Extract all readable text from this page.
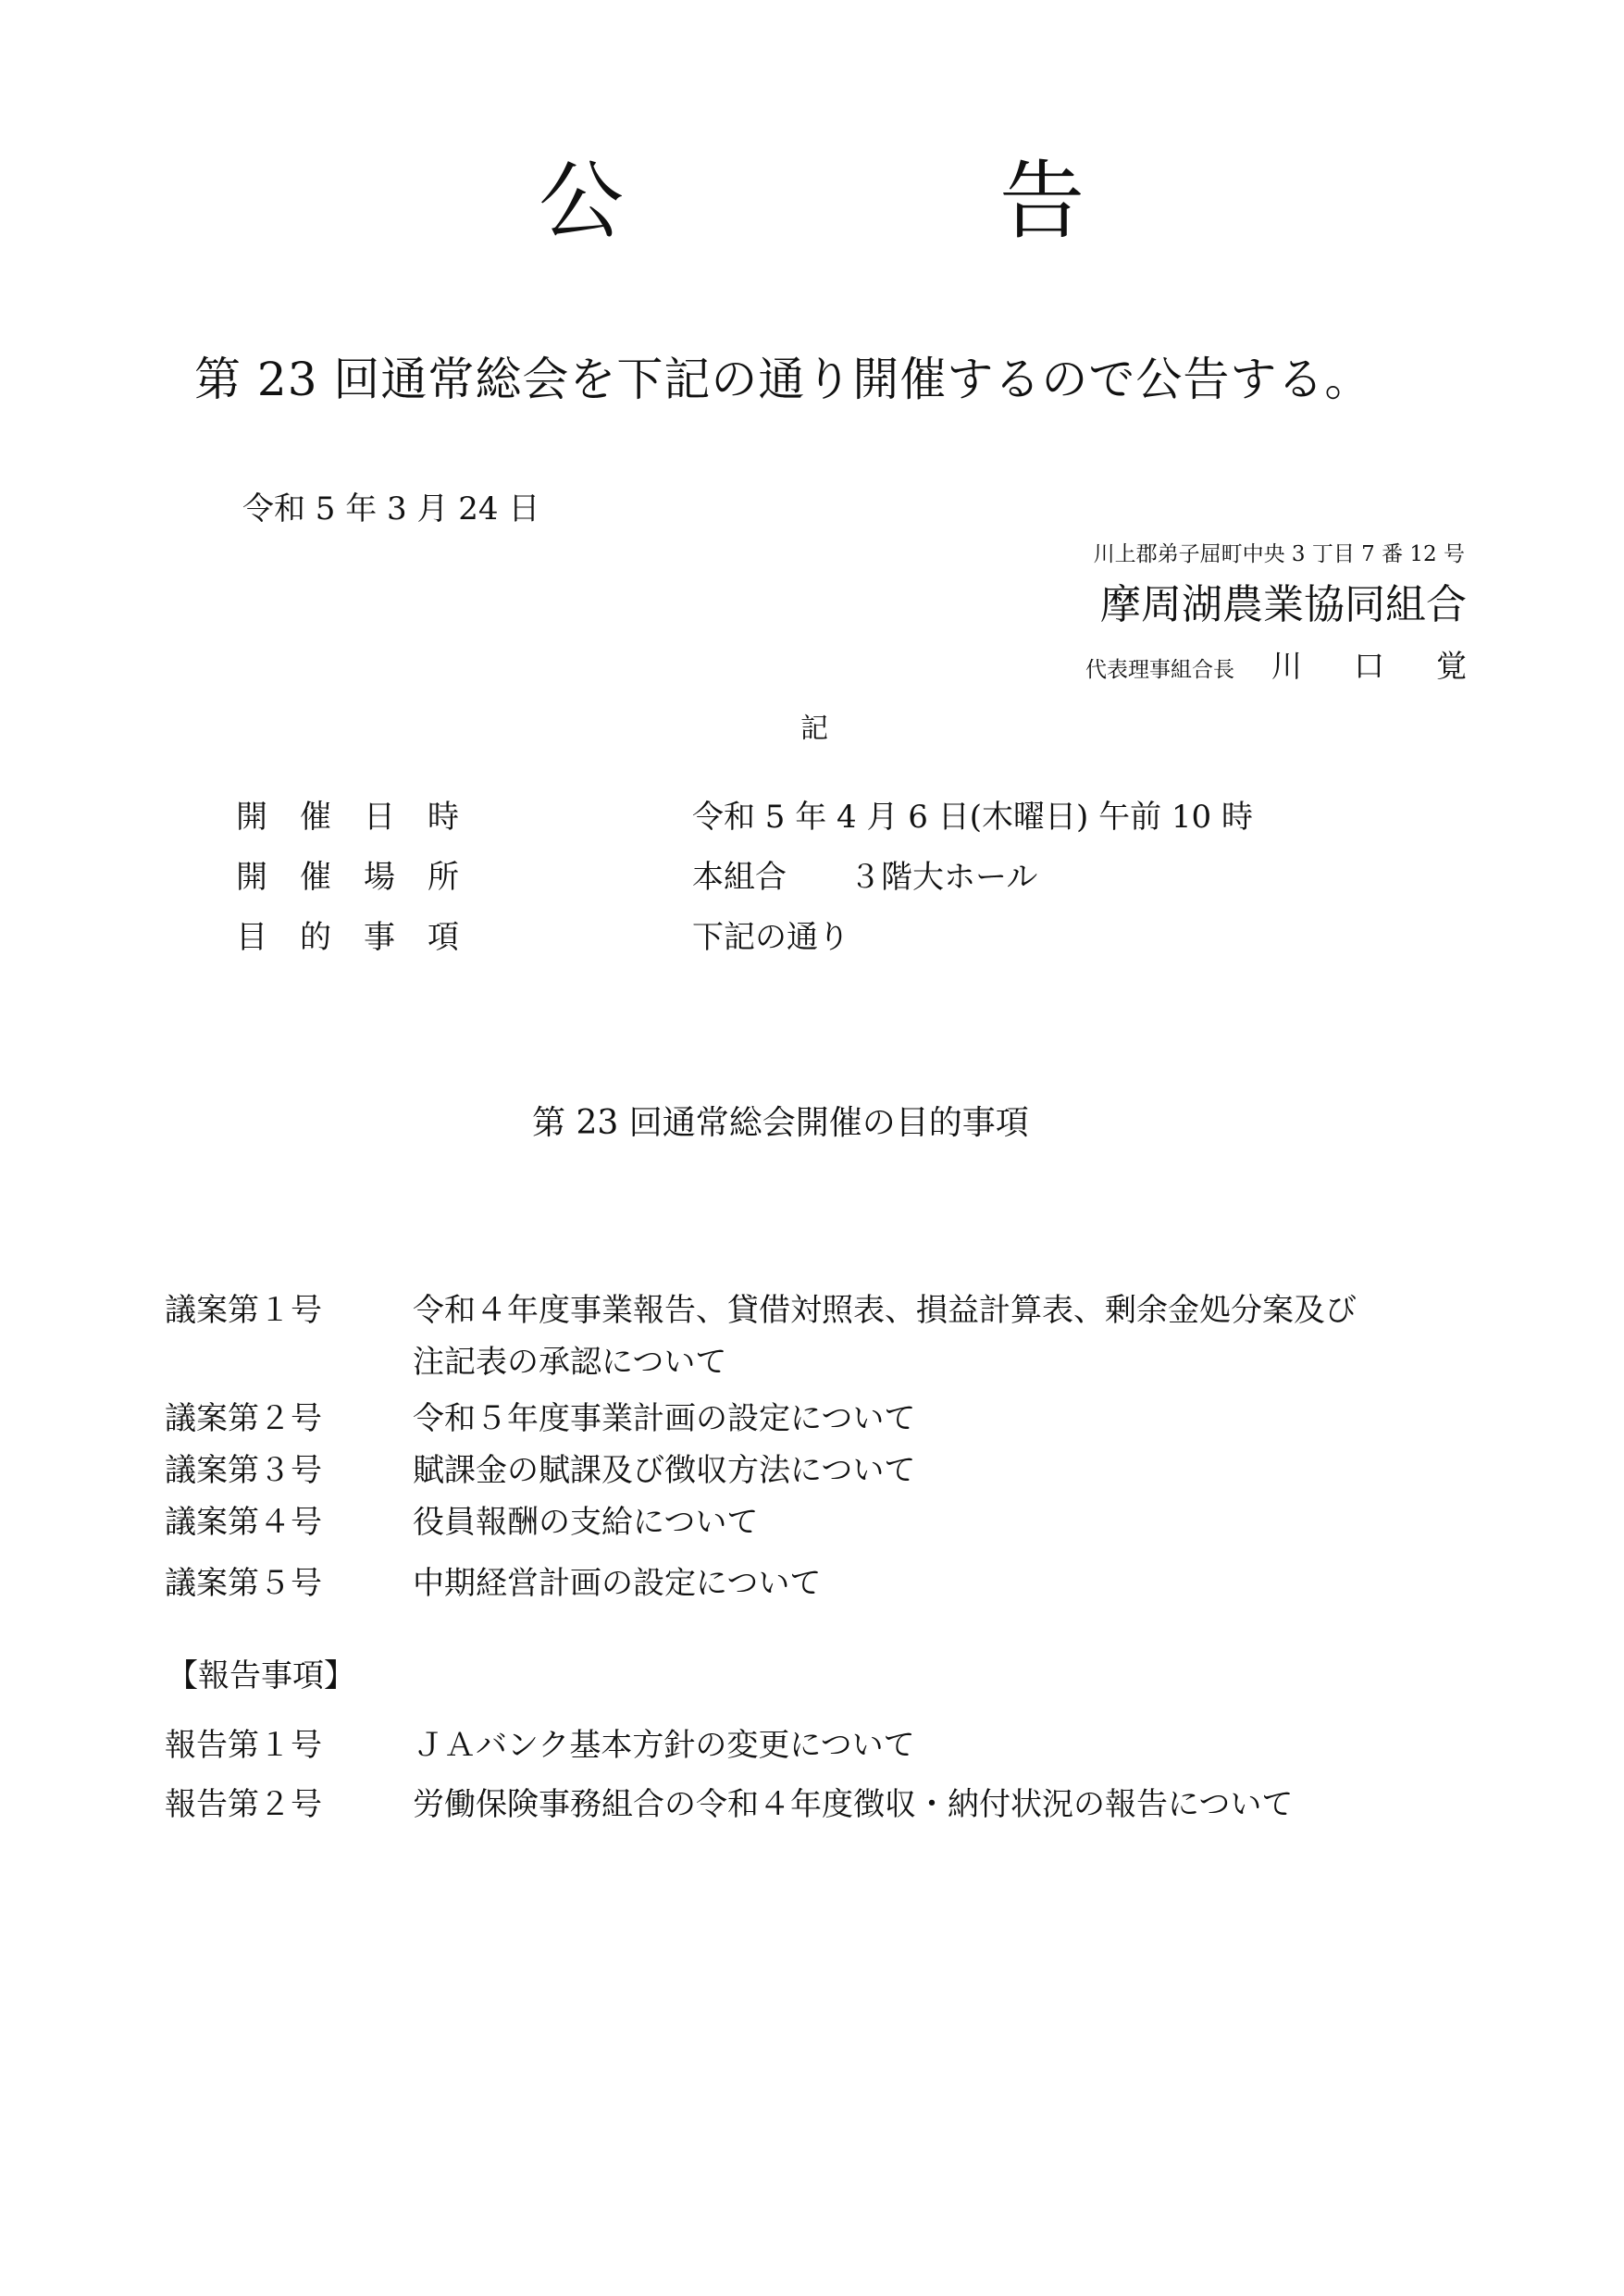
公	告
第 23 回通常総会を下記の通り開催するので公告する。
令和 5 年 3 月 24 日
川上郡弟子屈町中央 3 丁目 7 番 12 号
摩周湖農業協同組合
代表理事組合長 川口覚
記
開催日時	令和 5 年 4 月 6 日(木曜日) 午前 10 時
開催場所	本組合　　３階大ホール
目的事項	下記の通り
第 23 回通常総会開催の目的事項
議案第１号	令和４年度事業報告、貸借対照表、損益計算表、剰余金処分案及び
注記表の承認について
議案第２号	令和５年度事業計画の設定について
議案第３号	賦課金の賦課及び徴収方法について
議案第４号	役員報酬の支給について
議案第５号	中期経営計画の設定について
【報告事項】
報告第１号	ＪＡバンク基本方針の変更について
報告第２号	労働保険事務組合の令和４年度徴収・納付状況の報告について
